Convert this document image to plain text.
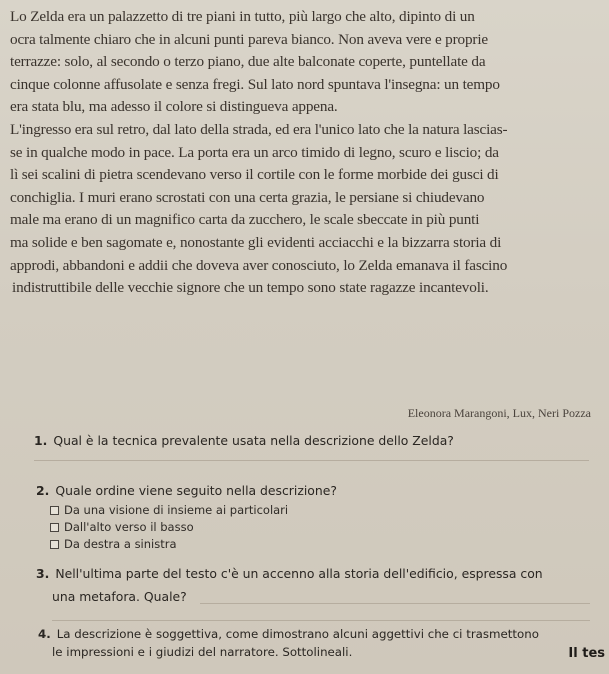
Lo Zelda era un palazzetto di tre piani in tutto, più largo che alto, dipinto di un
ocra talmente chiaro che in alcuni punti pareva bianco. Non aveva vere e proprie
terrazze: solo, al secondo o terzo piano, due alte balconate coperte, puntellate da
cinque colonne affusolate e senza fregi. Sul lato nord spuntava l'insegna: un tempo
era stata blu, ma adesso il colore si distingueva appena.
L'ingresso era sul retro, dal lato della strada, ed era l'unico lato che la natura lascias-
se in qualche modo in pace. La porta era un arco timido di legno, scuro e liscio; da
lì sei scalini di pietra scendevano verso il cortile con le forme morbide dei gusci di
conchiglia. I muri erano scrostati con una certa grazia, le persiane si chiudevano
male ma erano di un magnifico carta da zucchero, le scale sbeccate in più punti
ma solide e ben sagomate e, nonostante gli evidenti acciacchi e la bizzarra storia di
approdi, abbandoni e addii che doveva aver conosciuto, lo Zelda emanava il fascino
indistruttibile delle vecchie signore che un tempo sono state ragazze incantevoli.
Eleonora Marangoni, Lux, Neri Pozza
1. Qual è la tecnica prevalente usata nella descrizione dello Zelda?
2. Quale ordine viene seguito nella descrizione?
Da una visione di insieme ai particolari
Dall'alto verso il basso
Da destra a sinistra
3. Nell'ultima parte del testo c'è un accenno alla storia dell'edificio, espressa con
una metafora. Quale?
4. La descrizione è soggettiva, come dimostrano alcuni aggettivi che ci trasmettono
le impressioni e i giudizi del narratore. Sottolineali.	Il tes
